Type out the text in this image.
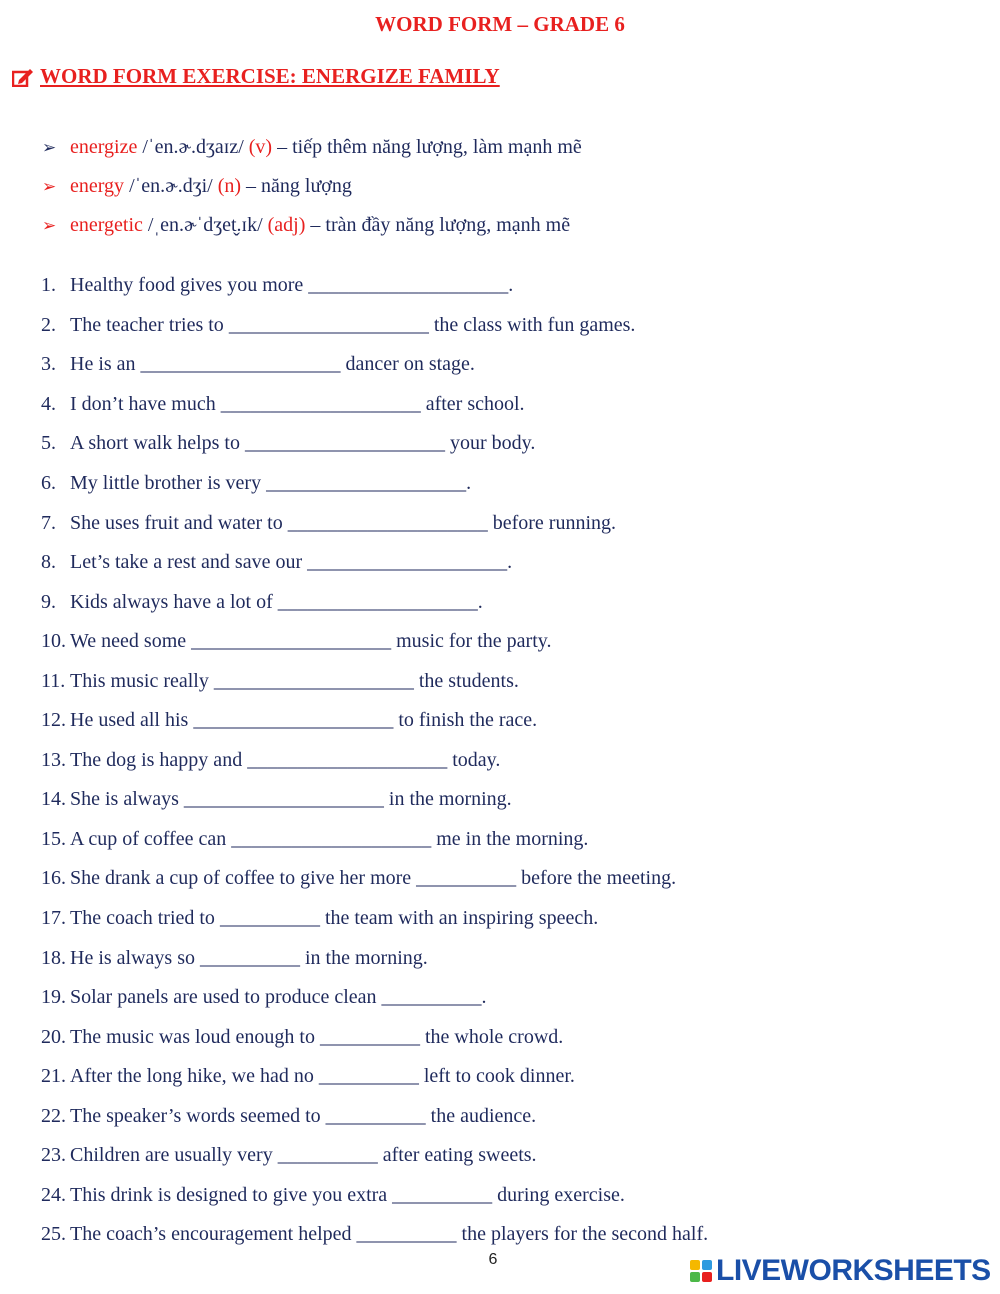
WORD FORM – GRADE 6
WORD FORM EXERCISE: ENERGIZE FAMILY
➢ energize
/ˈen.ɚ.dʒaɪz/
(v)
– tiếp thêm năng lượng, làm mạnh mẽ
➢ energy
/ˈen.ɚ.dʒi/
(n)
– năng lượng
➢ energetic
/ˌen.ɚˈdʒet̬.ɪk/
(adj)
– tràn đầy năng lượng, mạnh mẽ
1. Healthy food gives you more ____________________ .
2. The teacher tries to ____________________ the class with fun games.
3. He is an ____________________ dancer on stage.
4. I don’t have much ____________________ after school.
5. A short walk helps to ____________________ your body.
6. My little brother is very ____________________ .
7. She uses fruit and water to ____________________ before running.
8. Let’s take a rest and save our ____________________ .
9. Kids always have a lot of ____________________ .
10. We need some ____________________ music for the party.
11. This music really ____________________ the students.
12. He used all his ____________________ to finish the race.
13. The dog is happy and ____________________ today.
14. She is always ____________________ in the morning.
15. A cup of coffee can ____________________ me in the morning.
16. She drank a cup of coffee to give her more __________ before the meeting.
17. The coach tried to __________ the team with an inspiring speech.
18. He is always so __________ in the morning.
19. Solar panels are used to produce clean __________ .
20. The music was loud enough to __________ the whole crowd.
21. After the long hike, we had no __________ left to cook dinner.
22. The speaker’s words seemed to __________ the audience.
23. Children are usually very __________ after eating sweets.
24. This drink is designed to give you extra __________ during exercise.
25. The coach’s encouragement helped __________ the players for the second half.
6	LIVEWORKSHEETS
